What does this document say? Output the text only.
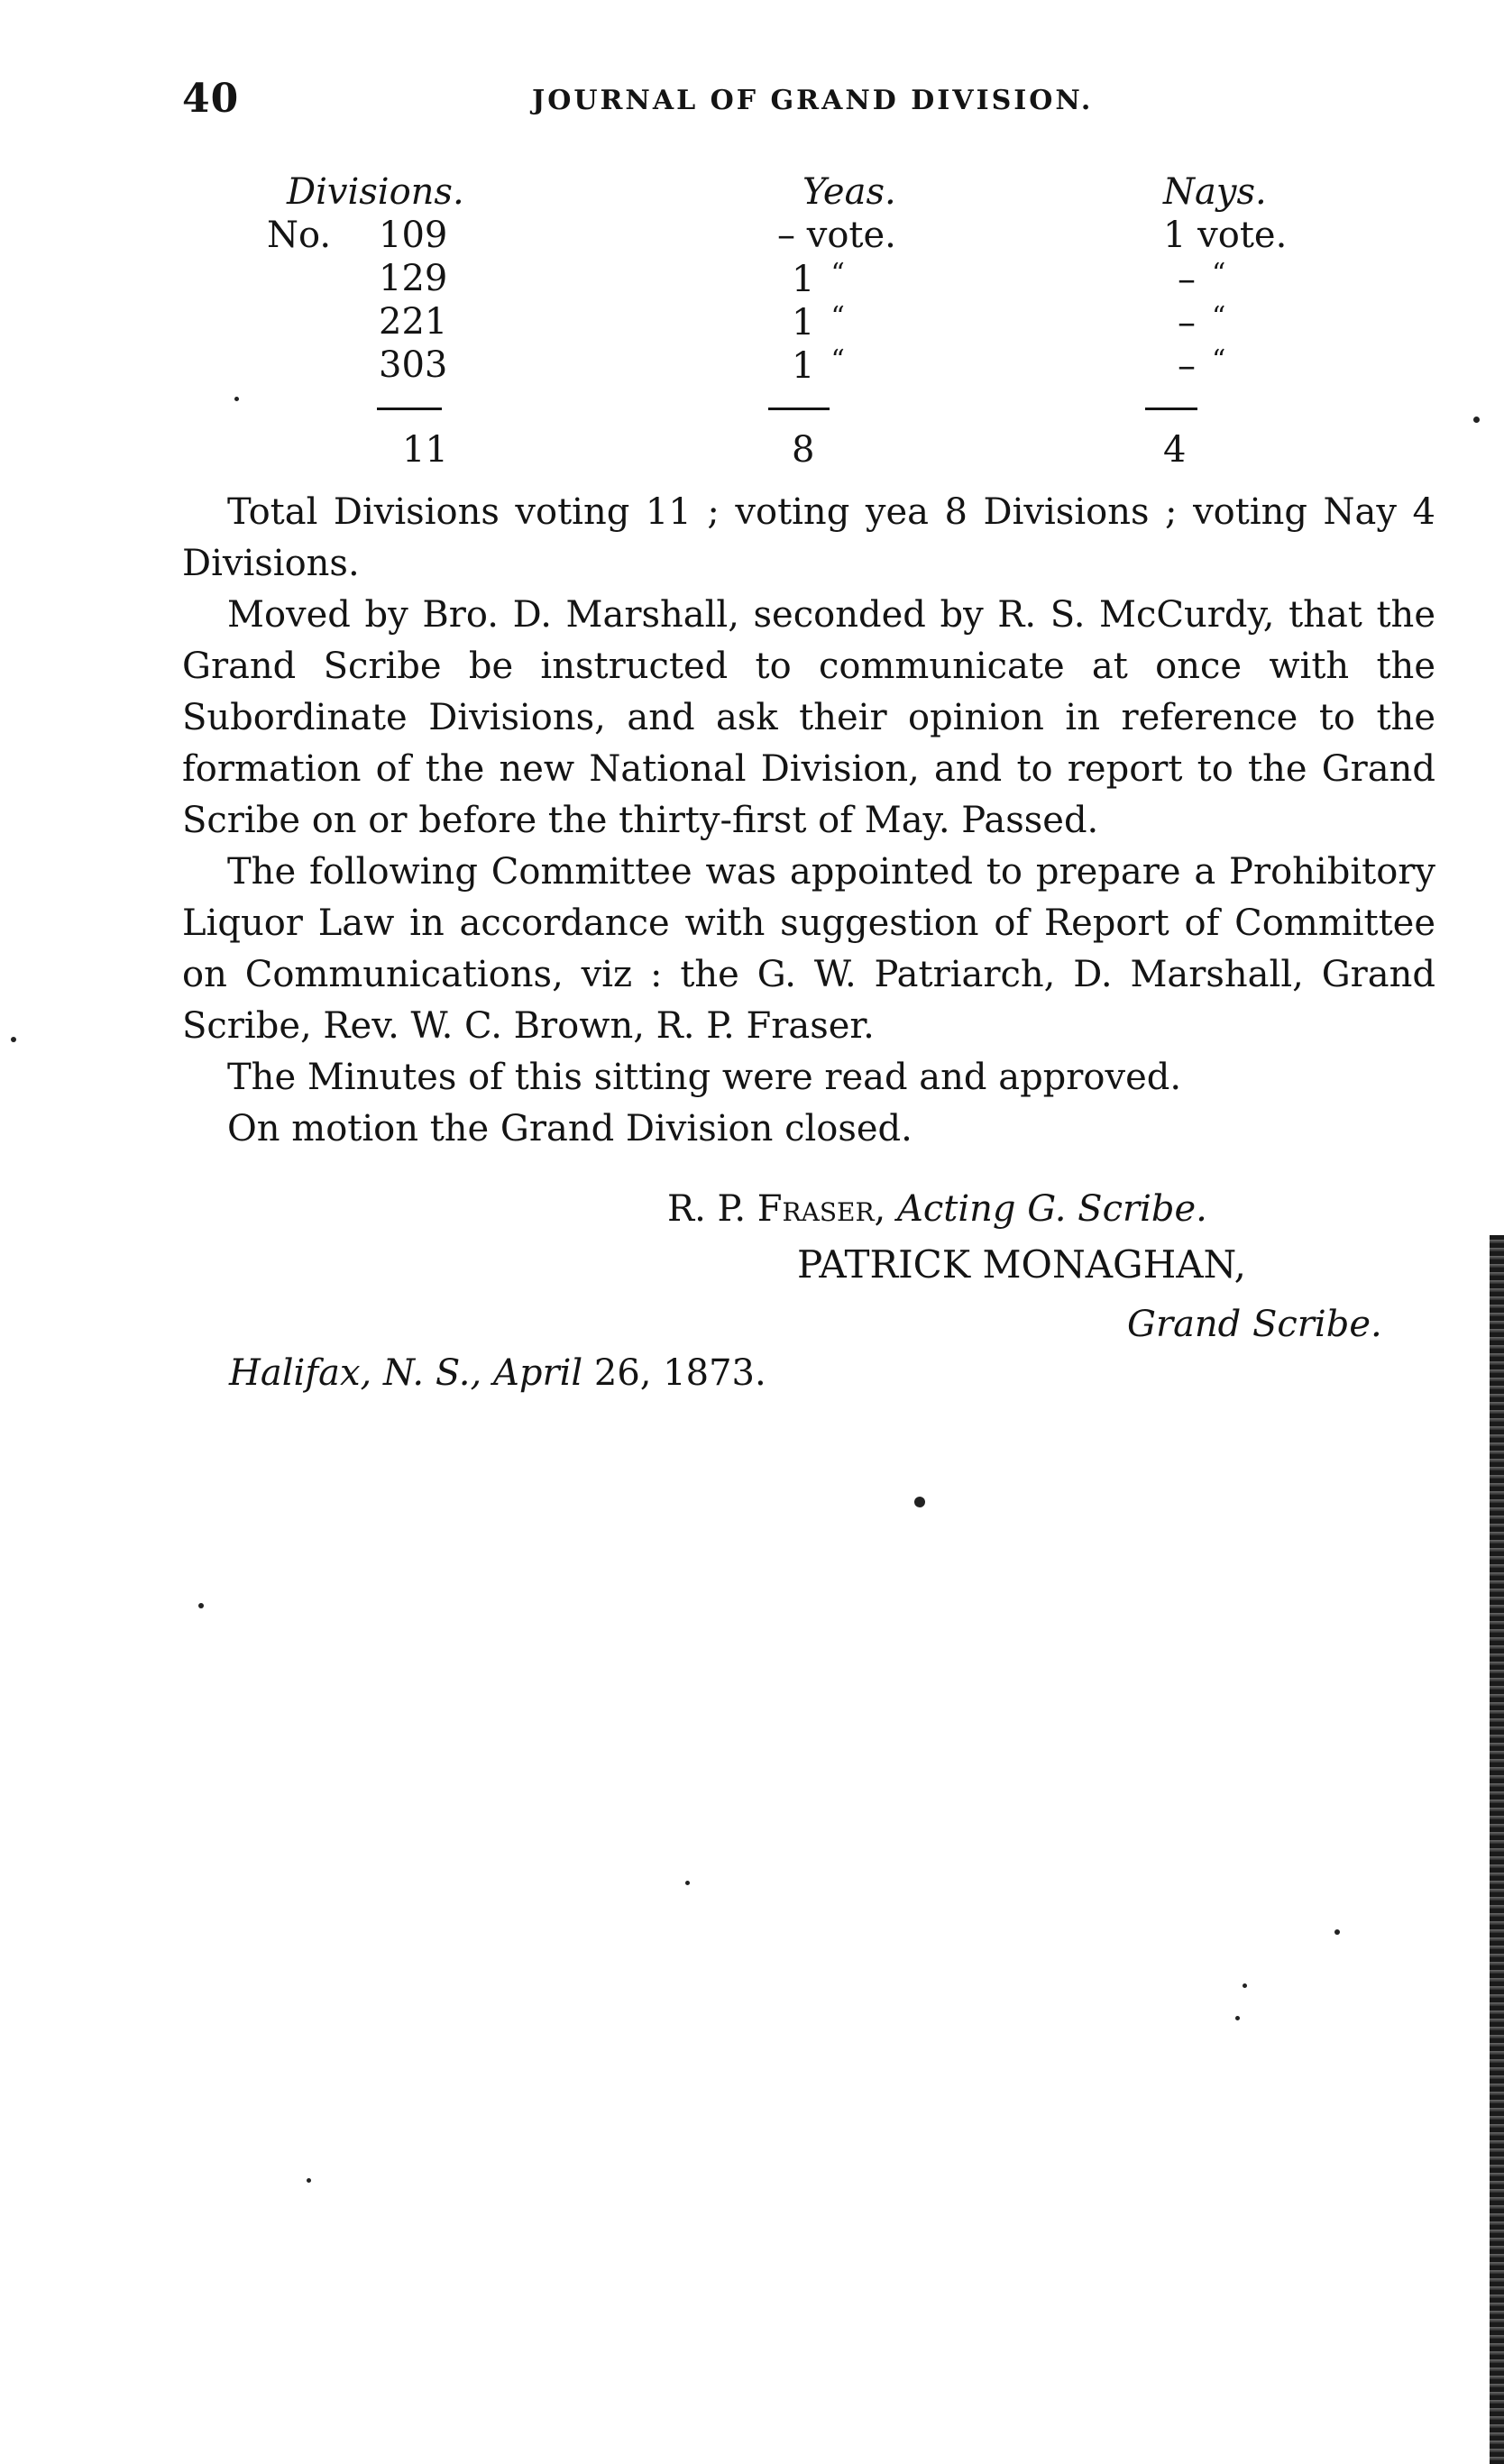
40	JOURNAL OF GRAND DIVISION.
Divisions.	Yeas.	Nays.
No. 109	– vote.	1 vote.
129	1 “	– “
221	1 “	– “
303	1 “	– “
11	8	4

Total Divisions voting 11 ; voting yea 8 Divisions ; voting Nay 4 Divisions.

Moved by Bro. D. Marshall, seconded by R. S. McCurdy, that the Grand Scribe be instructed to communicate at once with the Subordinate Divisions, and ask their opinion in reference to the formation of the new National Division, and to report to the Grand Scribe on or before the thirty-first of May. Passed.

The following Committee was appointed to prepare a Prohibitory Liquor Law in accordance with suggestion of Report of Committee on Communications, viz : the G. W. Patriarch, D. Marshall, Grand Scribe, Rev. W. C. Brown, R. P. Fraser.

The Minutes of this sitting were read and approved.

On motion the Grand Division closed.

R. P. Fraser, Acting G. Scribe.
PATRICK MONAGHAN,
Grand Scribe.
Halifax, N. S., April 26, 1873.
